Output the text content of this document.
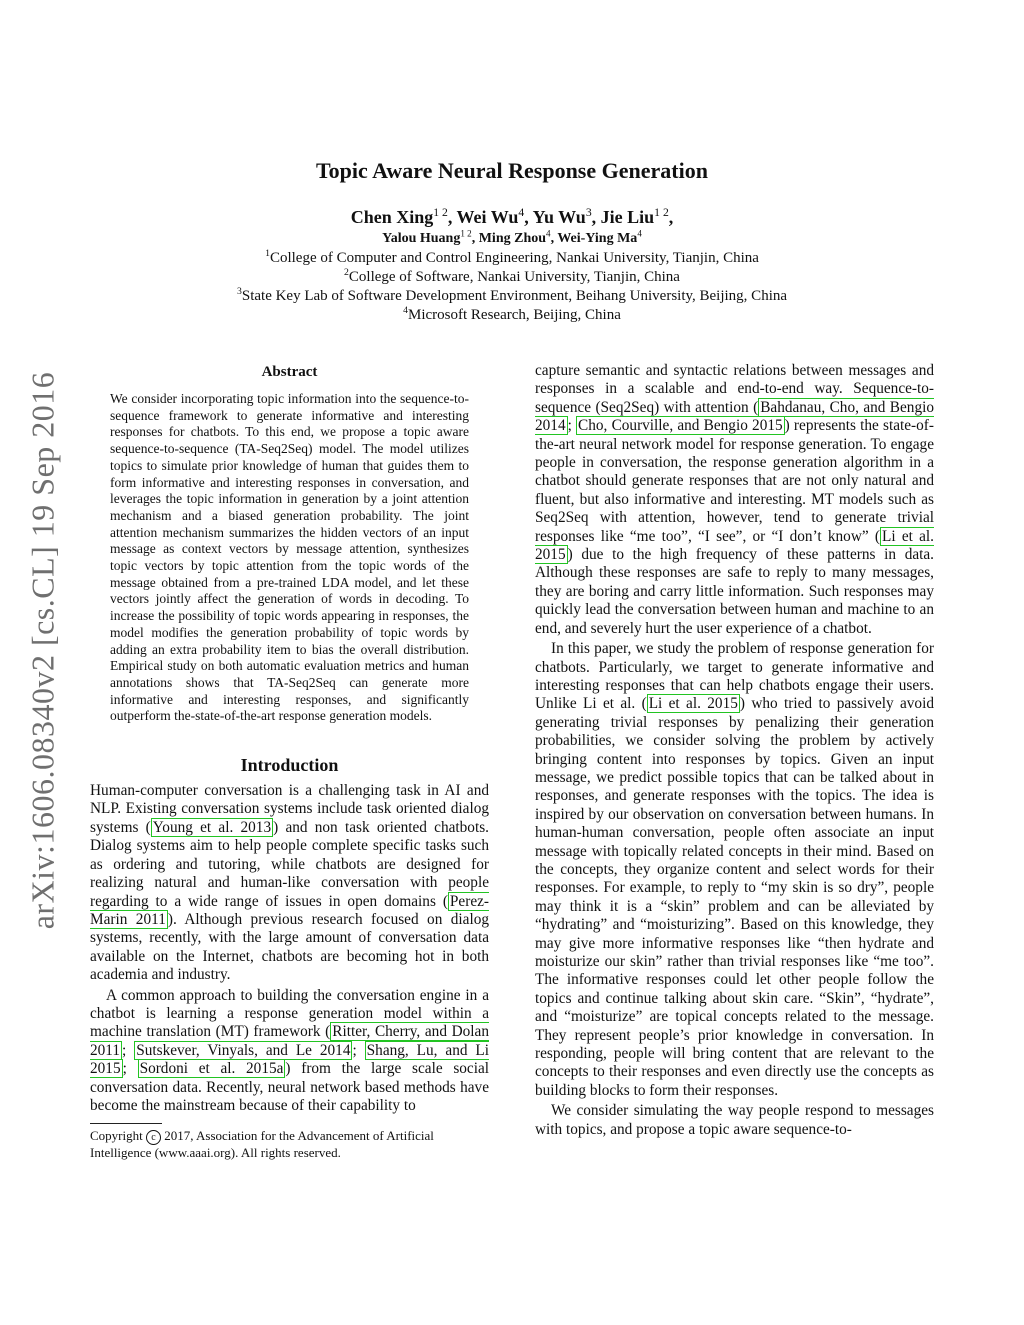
arXiv:1606.08340v2 [cs.CL] 19 Sep 2016
Topic Aware Neural Response Generation
Chen Xing$^{1 2}$, Wei Wu$^4$, Yu Wu$^3$, Jie Liu$^{1 2}$,
Yalou Huang$^{1 2}$, Ming Zhou$^4$, Wei-Ying Ma$^4$
$^1$College of Computer and Control Engineering, Nankai University, Tianjin, China
$^2$College of Software, Nankai University, Tianjin, China
$^3$State Key Lab of Software Development Environment, Beihang University, Beijing, China
$^4$Microsoft Research, Beijing, China
Abstract

We consider incorporating topic information into the sequence-to-sequence framework to generate informative and interesting responses for chatbots. To this end, we propose a topic aware sequence-to-sequence (TA-Seq2Seq) model. The model utilizes topics to simulate prior knowledge of human that guides them to form informative and interesting responses in conversation, and leverages the topic information in generation by a joint attention mechanism and a biased generation probability. The joint attention mechanism summarizes the hidden vectors of an input message as context vectors by message attention, synthesizes topic vectors by topic attention from the topic words of the message obtained from a pre-trained LDA model, and let these vectors jointly affect the generation of words in decoding. To increase the possibility of topic words appearing in responses, the model modifies the generation probability of topic words by adding an extra probability item to bias the overall distribution. Empirical study on both automatic evaluation metrics and human annotations shows that TA-Seq2Seq can generate more informative and interesting responses, and significantly outperform the-state-of-the-art response generation models.

Introduction

Human-computer conversation is a challenging task in AI and NLP. Existing conversation systems include task oriented dialog systems ( Young et al. 2013 ) and non task oriented chatbots. Dialog systems aim to help people complete specific tasks such as ordering and tutoring, while chatbots are designed for realizing natural and human-like conversation with people regarding to a wide range of issues in open domains ( Perez-Marin 2011 ). Although previous research focused on dialog systems, recently, with the large amount of conversation data available on the Internet, chatbots are becoming hot in both academia and industry.

A common approach to building the conversation engine in a chatbot is learning a response generation model within a machine translation (MT) framework ( Ritter, Cherry, and Dolan 2011 ; Sutskever, Vinyals, and Le 2014 ; Shang, Lu, and Li 2015 ; Sordoni et al. 2015a ) from the large scale social conversation data. Recently, neural network based methods have become the mainstream because of their capability to

Copyright c 2017, Association for the Advancement of Artificial Intelligence (www.aaai.org). All rights reserved.

capture semantic and syntactic relations between messages and responses in a scalable and end-to-end way. Sequence-to-sequence (Seq2Seq) with attention ( Bahdanau, Cho, and Bengio 2014 ; Cho, Courville, and Bengio 2015 ) represents the state-of-the-art neural network model for response generation. To engage people in conversation, the response generation algorithm in a chatbot should generate responses that are not only natural and fluent, but also informative and interesting. MT models such as Seq2Seq with attention, however, tend to generate trivial responses like “me too”, “I see”, or “I don’t know” ( Li et al. 2015 ) due to the high frequency of these patterns in data. Although these responses are safe to reply to many messages, they are boring and carry little information. Such responses may quickly lead the conversation between human and machine to an end, and severely hurt the user experience of a chatbot.

In this paper, we study the problem of response generation for chatbots. Particularly, we target to generate informative and interesting responses that can help chatbots engage their users. Unlike Li et al. ( Li et al. 2015 ) who tried to passively avoid generating trivial responses by penalizing their generation probabilities, we consider solving the problem by actively bringing content into responses by topics. Given an input message, we predict possible topics that can be talked about in responses, and generate responses with the topics. The idea is inspired by our observation on conversation between humans. In human-human conversation, people often associate an input message with topically related concepts in their mind. Based on the concepts, they organize content and select words for their responses. For example, to reply to “my skin is so dry”, people may think it is a “skin” problem and can be alleviated by “hydrating” and “moisturizing”. Based on this knowledge, they may give more informative responses like “then hydrate and moisturize our skin” rather than trivial responses like “me too”. The informative responses could let other people follow the topics and continue talking about skin care. “Skin”, “hydrate”, and “moisturize” are topical concepts related to the message. They represent people’s prior knowledge in conversation. In responding, people will bring content that are relevant to the concepts to their responses and even directly use the concepts as building blocks to form their responses.

We consider simulating the way people respond to messages with topics, and propose a topic aware sequence-to-
